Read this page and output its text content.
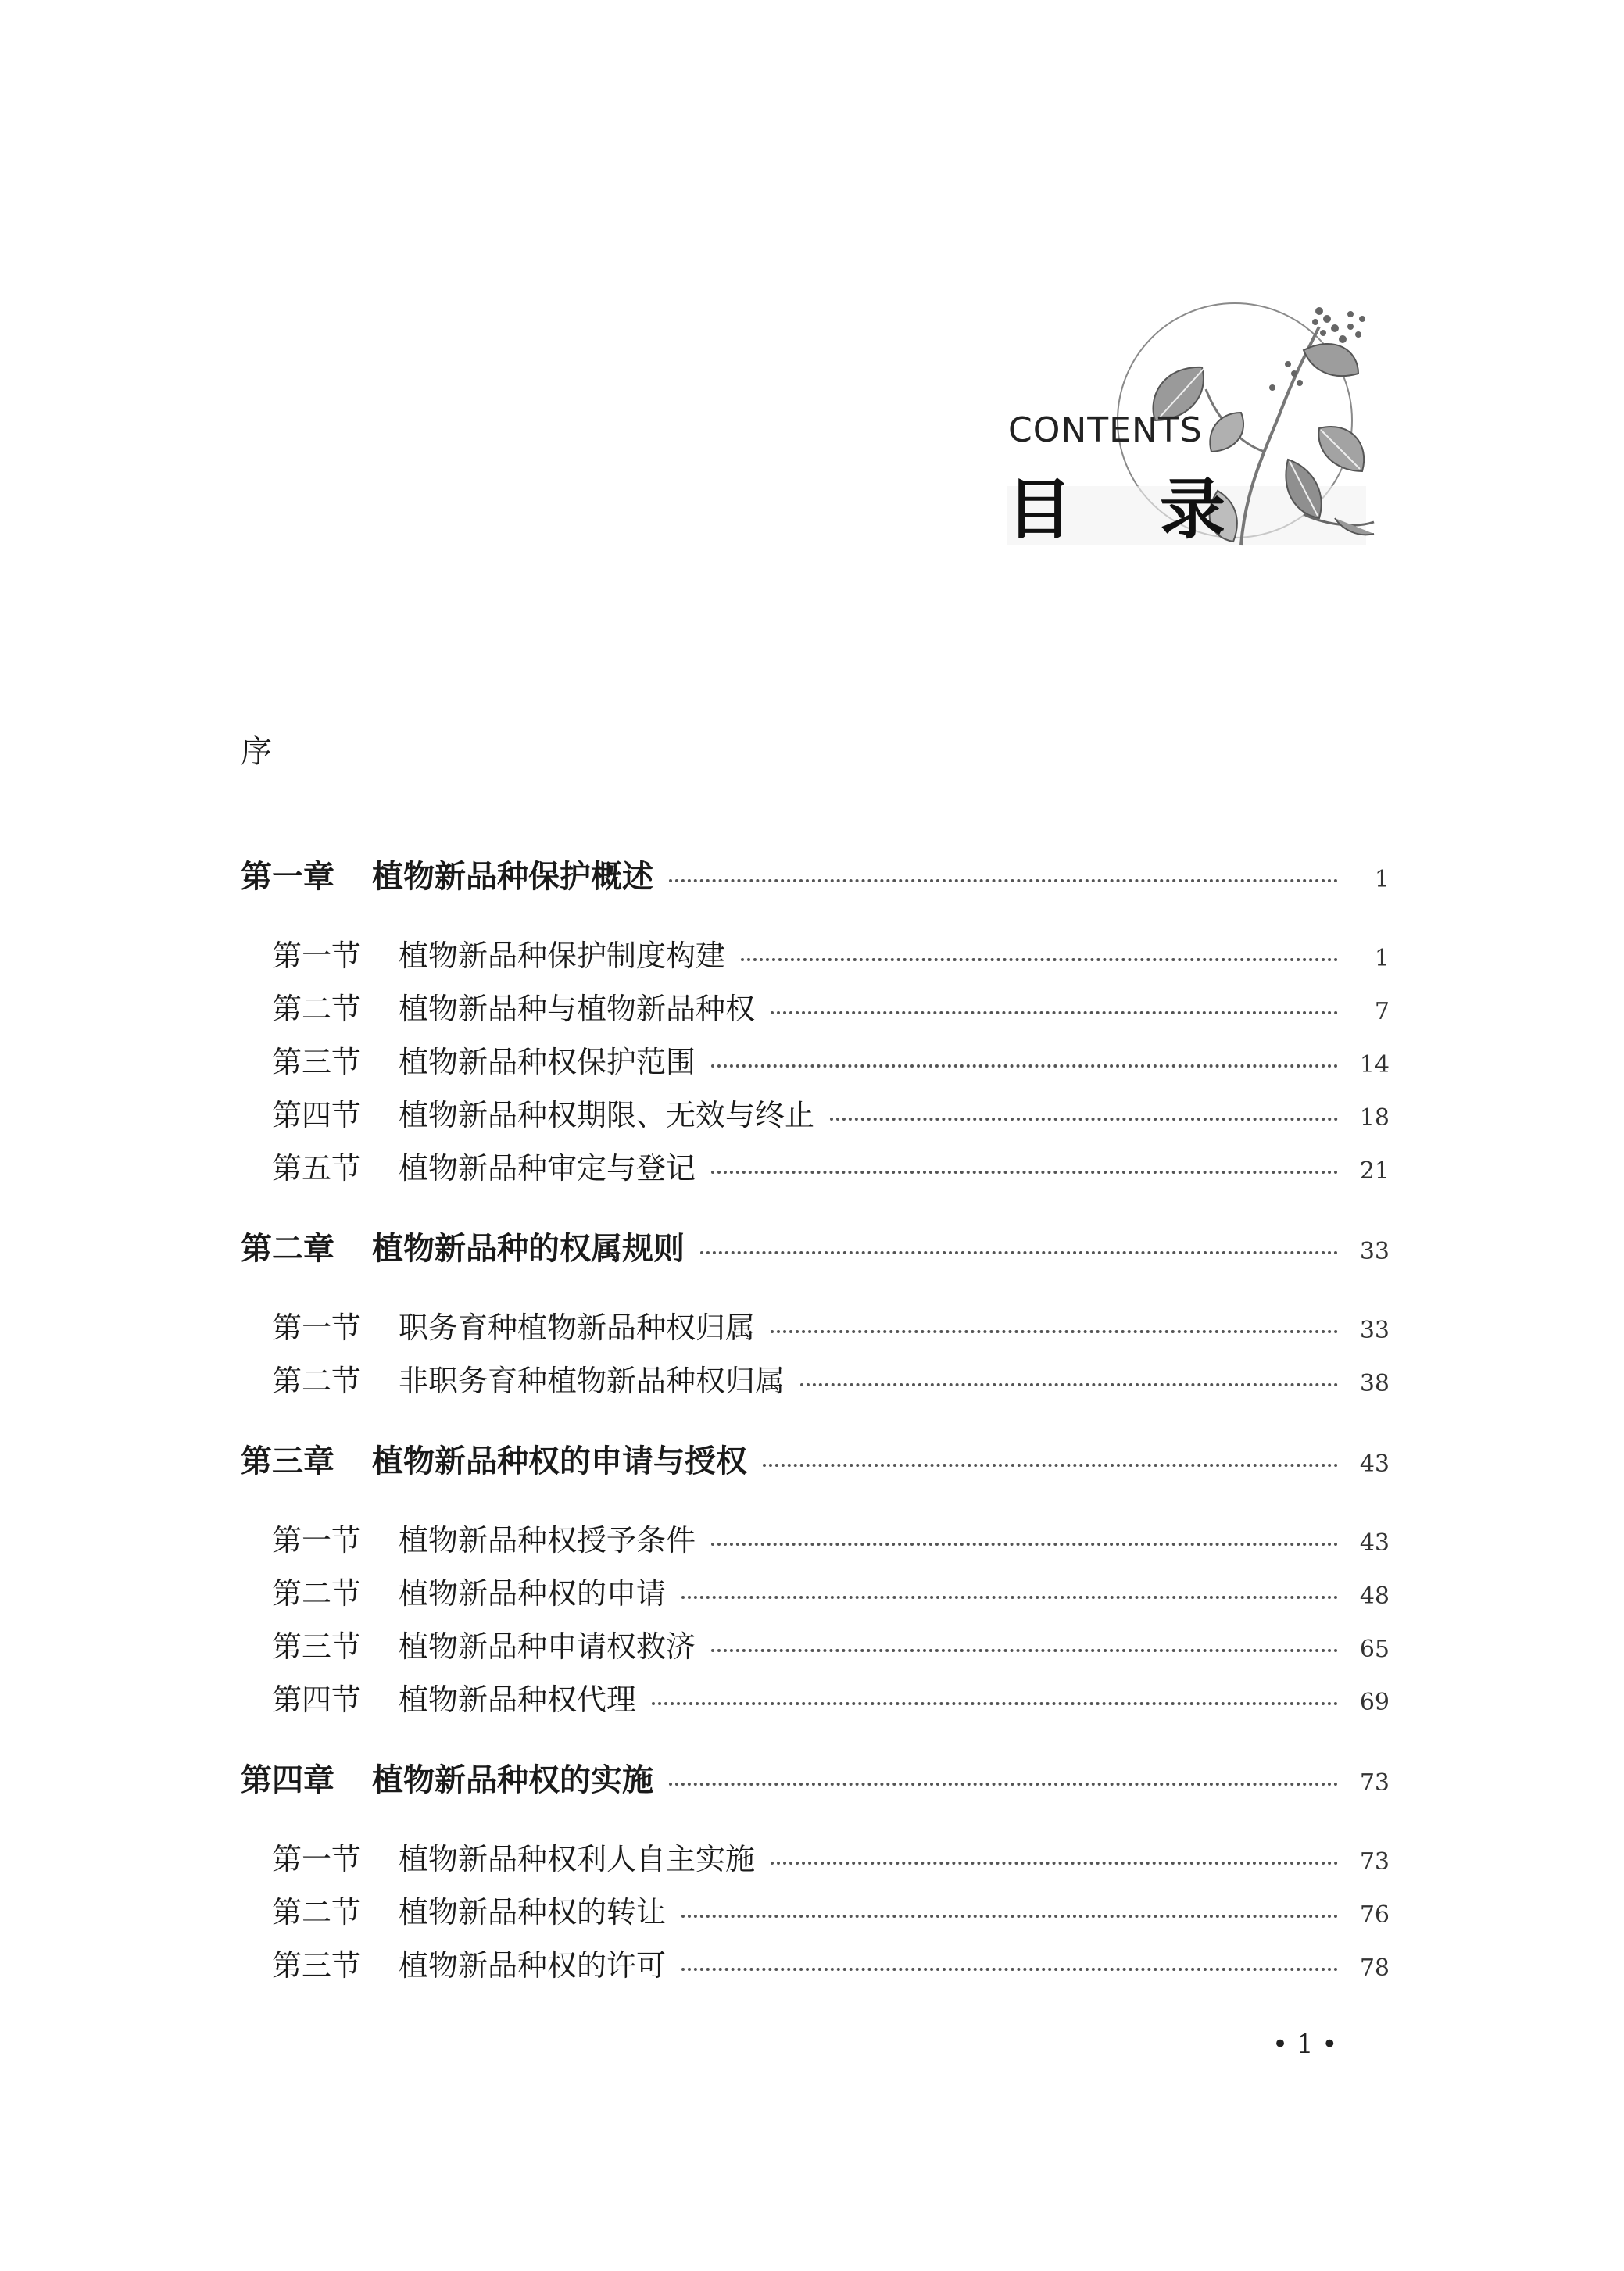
CONTENTS
目录
序
第一章 植物新品种保护概述	1
第一节 植物新品种保护制度构建	1
第二节 植物新品种与植物新品种权	7
第三节 植物新品种权保护范围	14
第四节 植物新品种权期限、无效与终止	18
第五节 植物新品种审定与登记	21
第二章 植物新品种的权属规则	33
第一节 职务育种植物新品种权归属	33
第二节 非职务育种植物新品种权归属	38
第三章 植物新品种权的申请与授权	43
第一节 植物新品种权授予条件	43
第二节 植物新品种权的申请	48
第三节 植物新品种申请权救济	65
第四节 植物新品种权代理	69
第四章 植物新品种权的实施	73
第一节 植物新品种权利人自主实施	73
第二节 植物新品种权的转让	76
第三节 植物新品种权的许可	78
• 1 •
